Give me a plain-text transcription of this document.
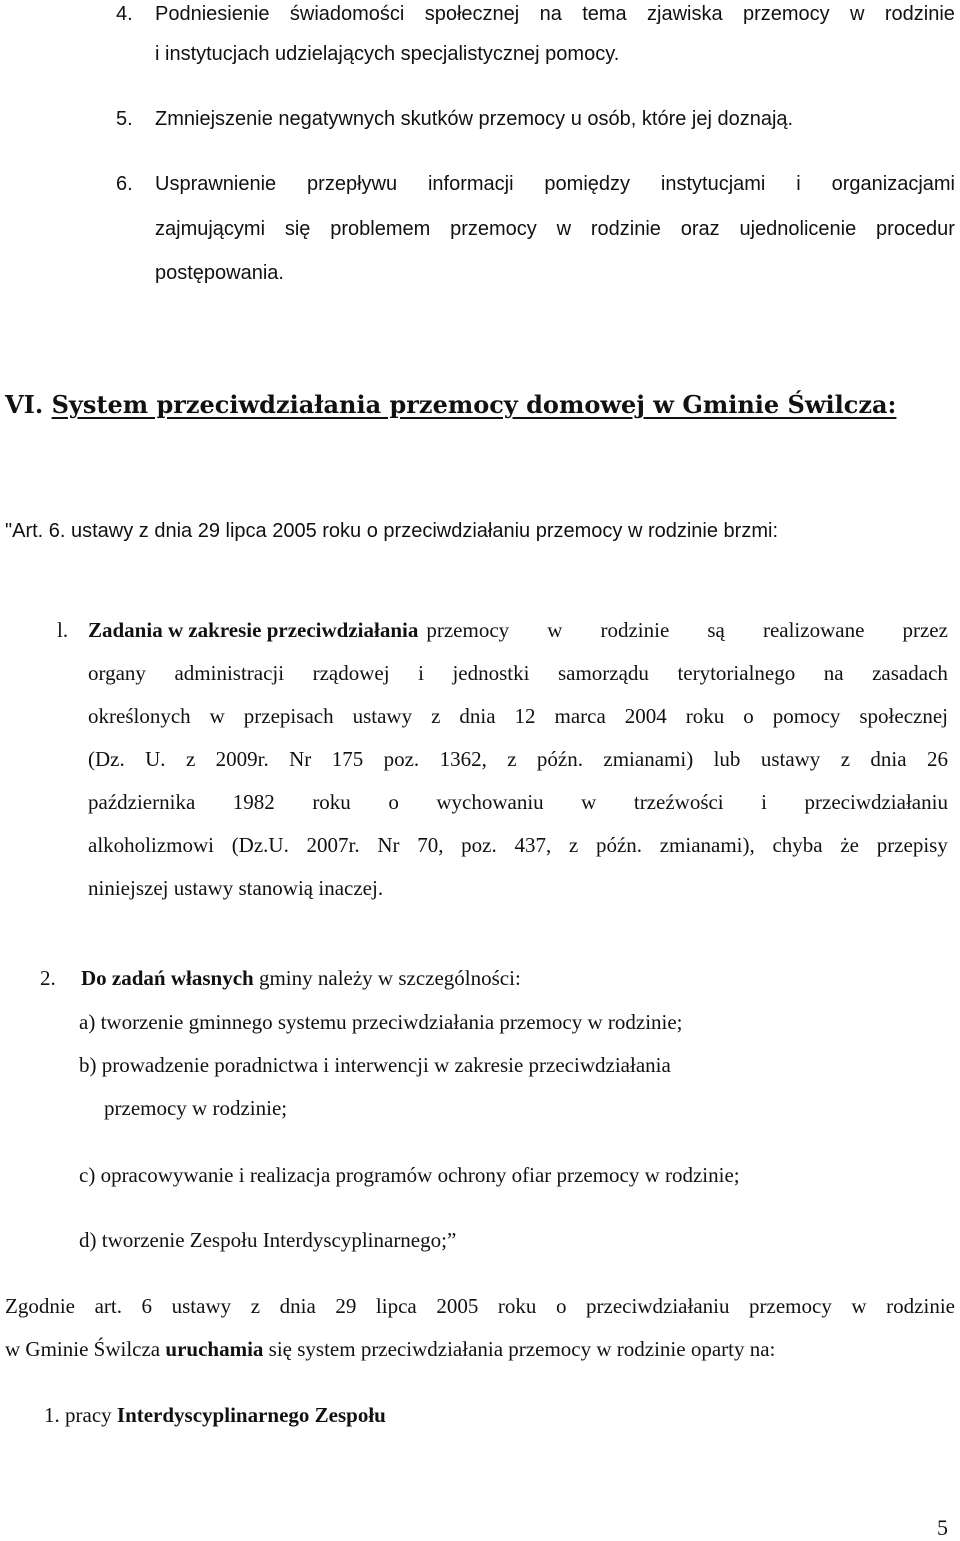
4. Podniesienie świadomości społecznej na tema zjawiska przemocy w rodzinie
i instytucjach udzielających specjalistycznej pomocy.
5. Zmniejszenie negatywnych skutków przemocy u osób, które jej doznają.
6. Usprawnienie przepływu informacji pomiędzy instytucjami i organizacjami
zajmującymi się problemem przemocy w rodzinie oraz ujednolicenie procedur
postępowania.
VI. System przeciwdziałania przemocy domowej w Gminie Świlcza:
"Art. 6. ustawy z dnia 29 lipca 2005 roku o przeciwdziałaniu przemocy w rodzinie brzmi:
l. Zadania w zakresie przeciwdziałania przemocy w rodzinie są realizowane przez
organy administracji rządowej i jednostki samorządu terytorialnego na zasadach
określonych w przepisach ustawy z dnia 12 marca 2004 roku o pomocy społecznej
(Dz. U. z 2009r. Nr 175 poz. 1362, z późn. zmianami) lub ustawy z dnia 26
października 1982 roku o wychowaniu w trzeźwości i przeciwdziałaniu
alkoholizmowi (Dz.U. 2007r. Nr 70, poz. 437, z późn. zmianami), chyba że przepisy
niniejszej ustawy stanowią inaczej.
2. Do zadań własnych gminy należy w szczególności:
a) tworzenie gminnego systemu przeciwdziałania przemocy w rodzinie;
b) prowadzenie poradnictwa i interwencji w zakresie przeciwdziałania
przemocy w rodzinie;
c) opracowywanie i realizacja programów ochrony ofiar przemocy w rodzinie;
d) tworzenie Zespołu Interdyscyplinarnego;”
Zgodnie art. 6 ustawy z dnia 29 lipca 2005 roku o przeciwdziałaniu przemocy w rodzinie
w Gminie Świlcza uruchamia się system przeciwdziałania przemocy w rodzinie oparty na:
1. pracy Interdyscyplinarnego Zespołu
5
